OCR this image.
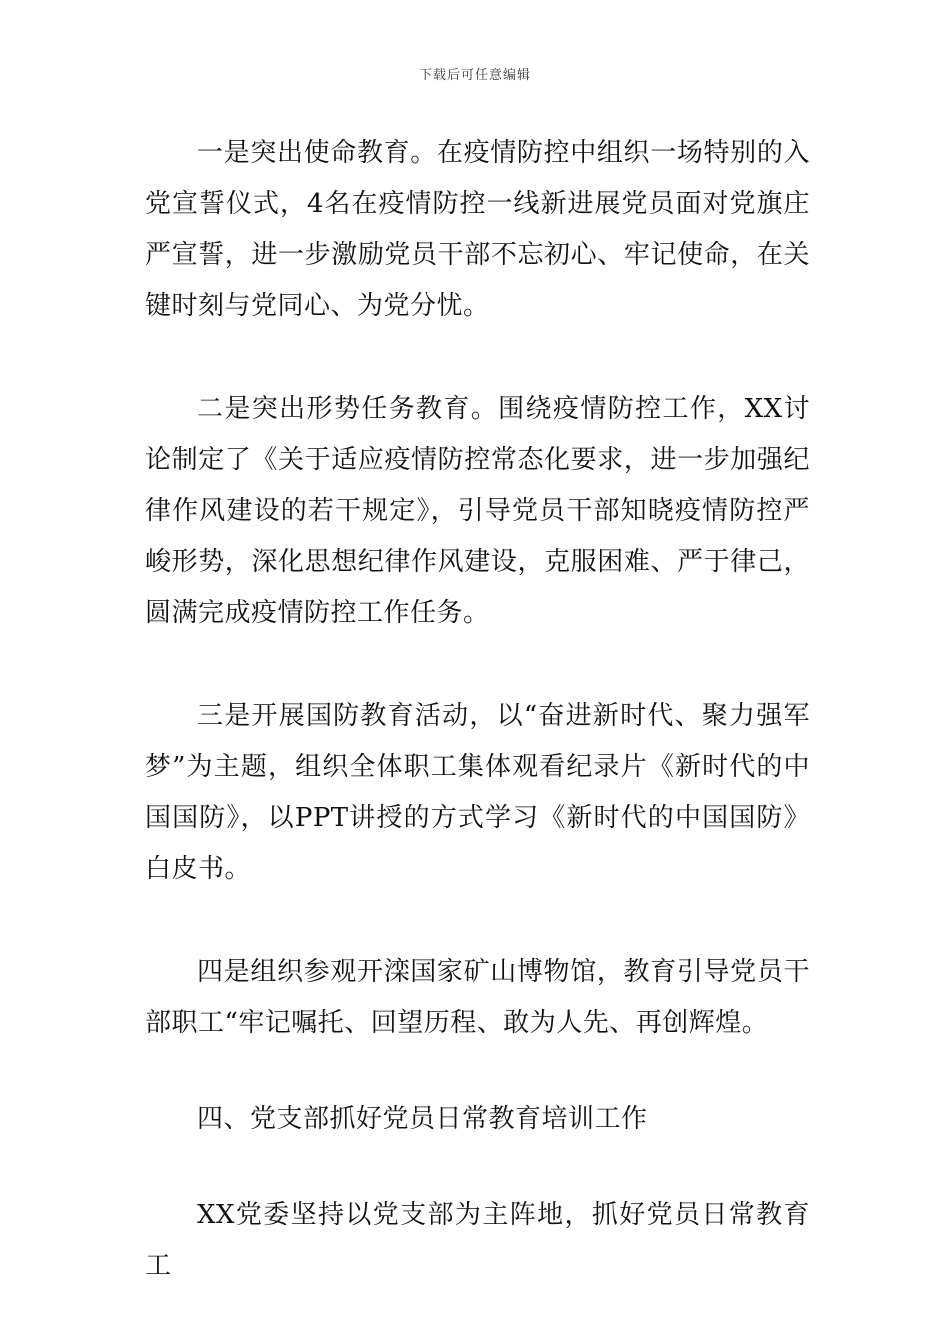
下载后可任意编辑

一是突出使命教育。在疫情防控中组织一场特别的入党宣誓仪式，4名在疫情防控一线新进展党员面对党旗庄严宣誓，进一步激励党员干部不忘初心、牢记使命，在关键时刻与党同心、为党分忧。

二是突出形势任务教育。围绕疫情防控工作，XX讨论制定了《关于适应疫情防控常态化要求，进一步加强纪律作风建设的若干规定》，引导党员干部知晓疫情防控严峻形势，深化思想纪律作风建设，克服困难、严于律己，圆满完成疫情防控工作任务。

三是开展国防教育活动，以“奋进新时代、聚力强军梦”为主题，组织全体职工集体观看纪录片《新时代的中国国防》，以PPT讲授的方式学习《新时代的中国国防》白皮书。

四是组织参观开滦国家矿山博物馆，教育引导党员干部职工“牢记嘱托、回望历程、敢为人先、再创辉煌。

四、党支部抓好党员日常教育培训工作

XX党委坚持以党支部为主阵地，抓好党员日常教育工
